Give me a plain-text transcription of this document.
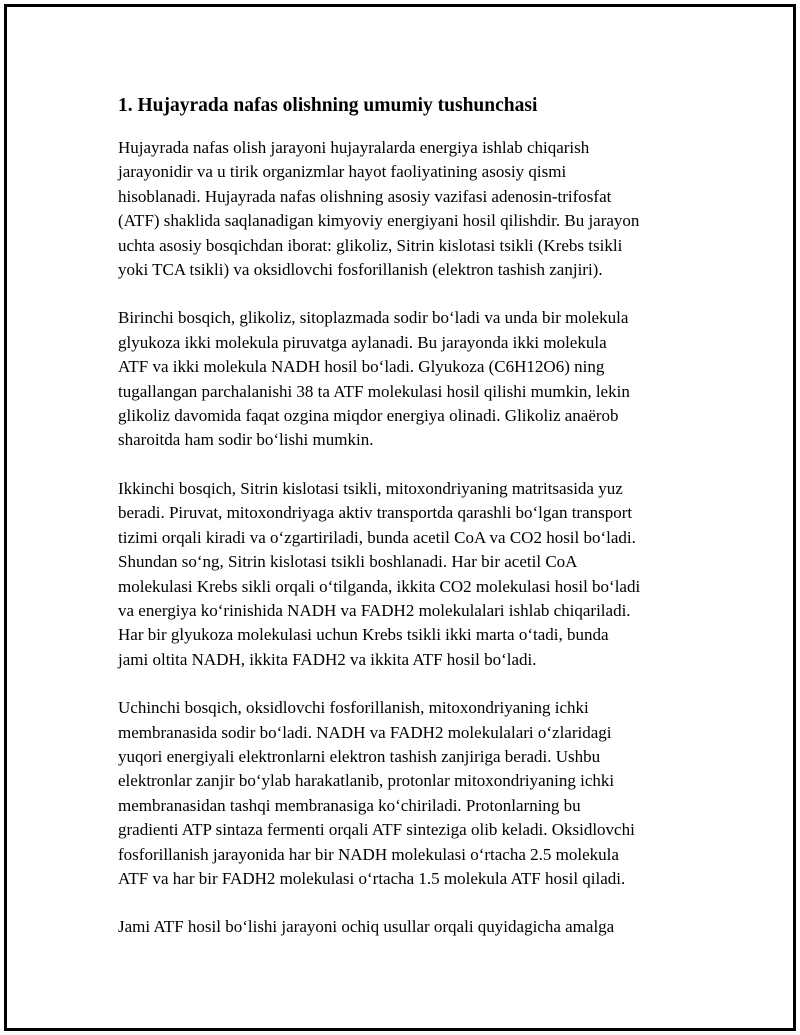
1. Hujayrada nafas olishning umumiy tushunchasi
Hujayrada nafas olish jarayoni hujayralarda energiya ishlab chiqarish
jarayonidir va u tirik organizmlar hayot faoliyatining asosiy qismi
hisoblanadi. Hujayrada nafas olishning asosiy vazifasi adenosin-trifosfat
(ATF) shaklida saqlanadigan kimyoviy energiyani hosil qilishdir. Bu jarayon
uchta asosiy bosqichdan iborat: glikoliz, Sitrin kislotasi tsikli (Krebs tsikli
yoki TCA tsikli) va oksidlovchi fosforillanish (elektron tashish zanjiri).
Birinchi bosqich, glikoliz, sitoplazmada sodir boʻladi va unda bir molekula
glyukoza ikki molekula piruvatga aylanadi. Bu jarayonda ikki molekula
ATF va ikki molekula NADH hosil boʻladi. Glyukoza (C6H12O6) ning
tugallangan parchalanishi 38 ta ATF molekulasi hosil qilishi mumkin, lekin
glikoliz davomida faqat ozgina miqdor energiya olinadi. Glikoliz anaërob
sharoitda ham sodir boʻlishi mumkin.
Ikkinchi bosqich, Sitrin kislotasi tsikli, mitoxondriyaning matritsasida yuz
beradi. Piruvat, mitoxondriyaga aktiv transportda qarashli boʻlgan transport
tizimi orqali kiradi va oʻzgartiriladi, bunda acetil CoA va CO2 hosil boʻladi.
Shundan soʻng, Sitrin kislotasi tsikli boshlanadi. Har bir acetil CoA
molekulasi Krebs sikli orqali oʻtilganda, ikkita CO2 molekulasi hosil boʻladi
va energiya koʻrinishida NADH va FADH2 molekulalari ishlab chiqariladi.
Har bir glyukoza molekulasi uchun Krebs tsikli ikki marta oʻtadi, bunda
jami oltita NADH, ikkita FADH2 va ikkita ATF hosil boʻladi.
Uchinchi bosqich, oksidlovchi fosforillanish, mitoxondriyaning ichki
membranasida sodir boʻladi. NADH va FADH2 molekulalari oʻzlaridagi
yuqori energiyali elektronlarni elektron tashish zanjiriga beradi. Ushbu
elektronlar zanjir boʻylab harakatlanib, protonlar mitoxondriyaning ichki
membranasidan tashqi membranasiga koʻchiriladi. Protonlarning bu
gradienti ATP sintaza fermenti orqali ATF sinteziga olib keladi. Oksidlovchi
fosforillanish jarayonida har bir NADH molekulasi oʻrtacha 2.5 molekula
ATF va har bir FADH2 molekulasi oʻrtacha 1.5 molekula ATF hosil qiladi.
Jami ATF hosil boʻlishi jarayoni ochiq usullar orqali quyidagicha amalga
